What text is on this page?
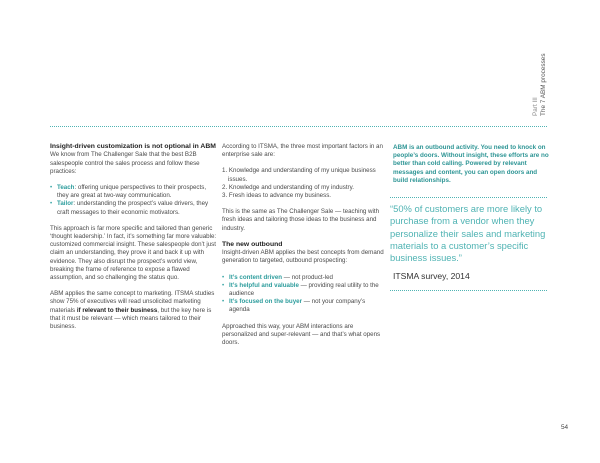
Part III The 7 ABM processes

Insight-driven customization is not optional in ABM

We know from The Challenger Sale that the best B2B salespeople control the sales process and follow these practices:

• Teach: offering unique perspectives to their prospects, they are great at two-way communication.
• Tailor: understanding the prospect’s value drivers, they craft messages to their economic motivators.

This approach is far more specific and tailored than generic ‘thought leadership.’ In fact, it’s something far more valuable: customized commercial insight. These salespeople don’t just claim an understanding, they prove it and back it up with evidence. They also disrupt the prospect’s world view, breaking the frame of reference to expose a flawed assumption, and so challenging the status quo.

ABM applies the same concept to marketing. ITSMA studies show 75% of executives will read unsolicited marketing materials if relevant to their business, but the key here is that it must be relevant — which means tailored to their business.

According to ITSMA, the three most important factors in an enterprise sale are:

1. Knowledge and understanding of my unique business issues.
2. Knowledge and understanding of my industry.
3. Fresh ideas to advance my business.

This is the same as The Challenger Sale — teaching with fresh ideas and tailoring those ideas to the business and industry.

The new outbound

Insight-driven ABM applies the best concepts from demand generation to targeted, outbound prospecting:

• It’s content driven — not product-led
• It’s helpful and valuable — providing real utility to the audience
• It’s focused on the buyer — not your company’s agenda

Approached this way, your ABM interactions are personalized and super-relevant — and that’s what opens doors.

ABM is an outbound activity. You need to knock on people’s doors. Without insight, these efforts are no better than cold calling. Powered by relevant messages and content, you can open doors and build relationships.
“50% of customers are more likely to purchase from a vendor when they personalize their sales and marketing materials to a customer’s specific business issues.”
ITSMA survey, 2014
54
